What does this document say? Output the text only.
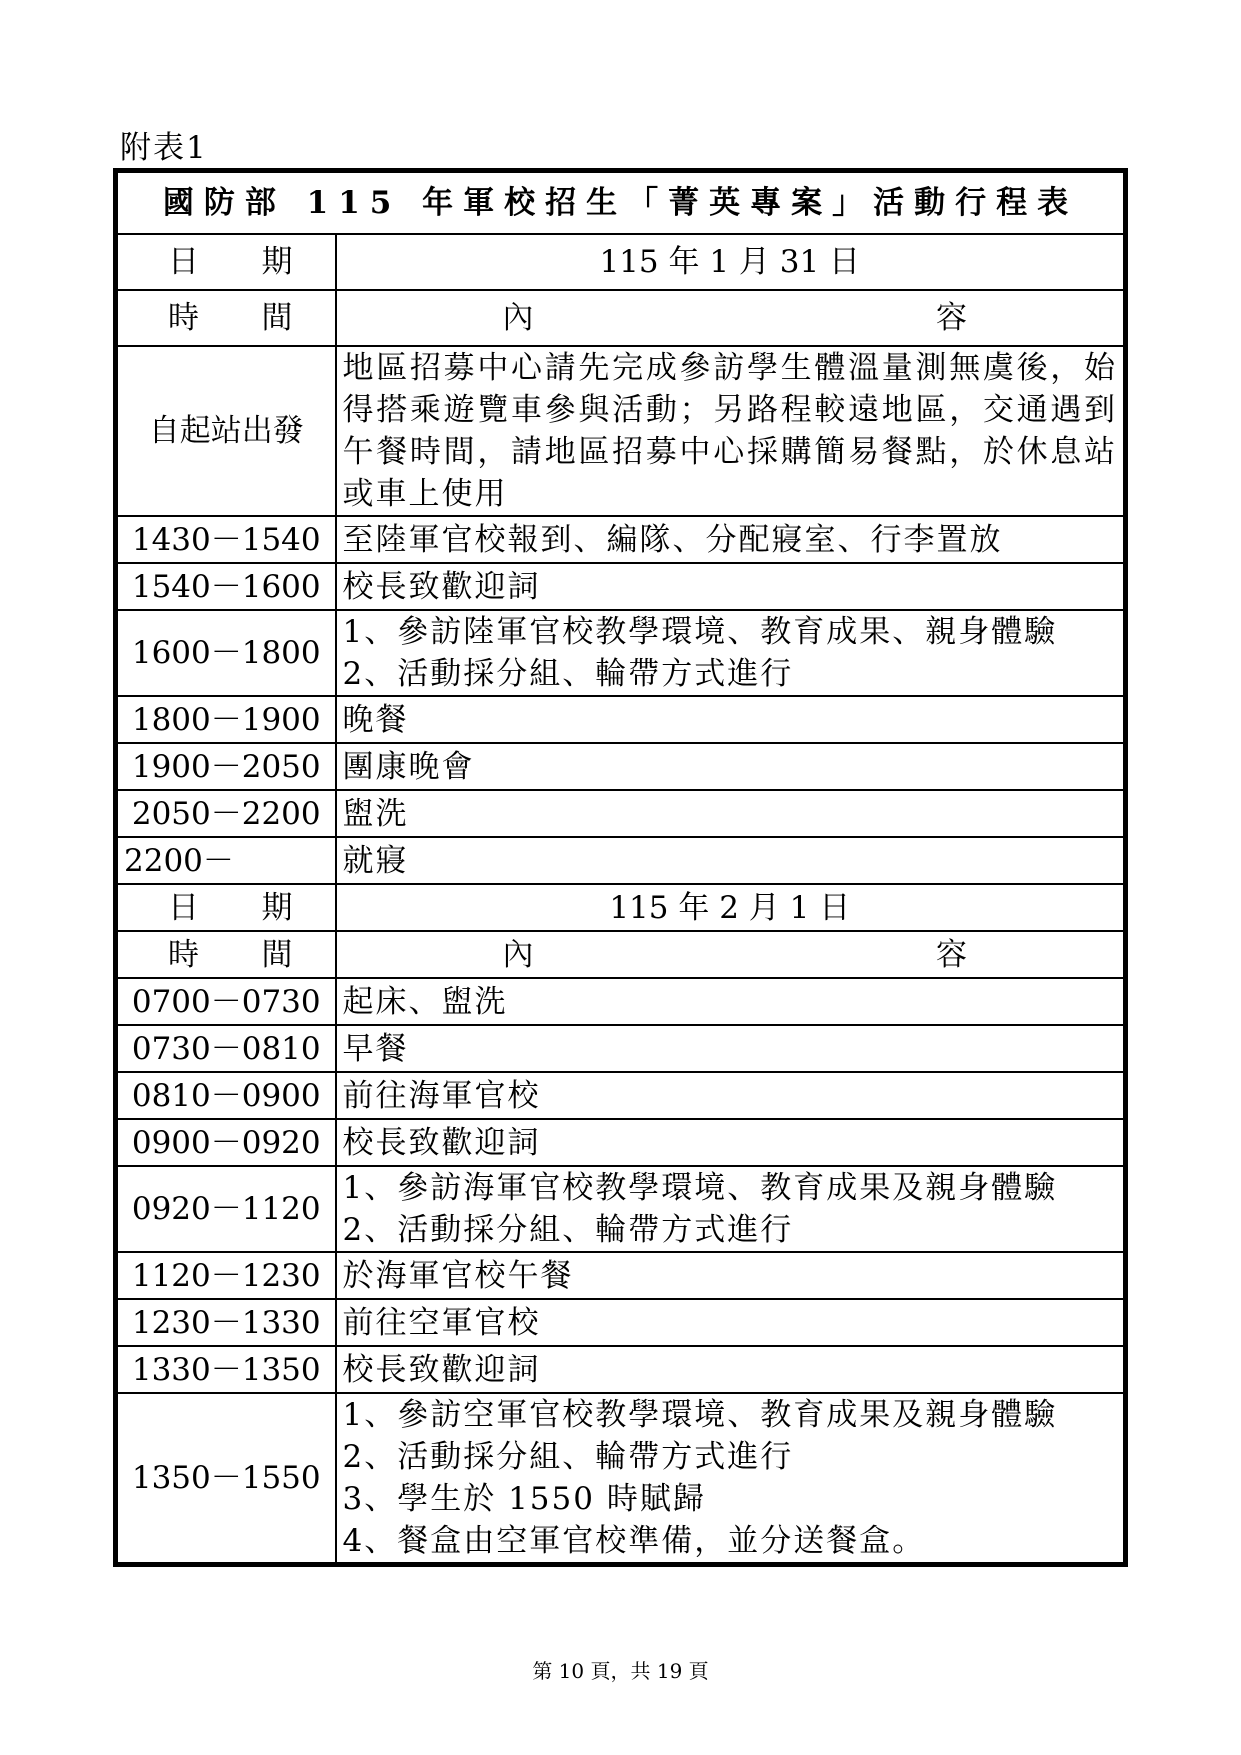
附表1
國防部 115 年軍校招生「菁英專案」活動行程表	

日 期	115 年 1 月 31 日

時 間	內 容

自起站出發	地區招募中心請先完成參訪學生體溫量測無虞後，始得搭乘遊覽車參與活動；另路程較遠地區，交通遇到午餐時間，請地區招募中心採購簡易餐點，於休息站或車上使用
1430－1540	至陸軍官校報到、編隊、分配寢室、行李置放

1540－1600	校長致歡迎詞

1600－1800	1、參訪陸軍官校教學環境、教育成果、親身體驗
2、活動採分組、輪帶方式進行

1800－1900	晚餐

1900－2050	團康晚會

2050－2200	盥洗

2200－	就寢

日 期	115 年 2 月 1 日

時 間	內 容

0700－0730	起床、盥洗

0730－0810	早餐

0810－0900	前往海軍官校

0900－0920	校長致歡迎詞

0920－1120	1、參訪海軍官校教學環境、教育成果及親身體驗
2、活動採分組、輪帶方式進行

1120－1230	於海軍官校午餐

1230－1330	前往空軍官校

1330－1350	校長致歡迎詞

1350－1550	1、參訪空軍官校教學環境、教育成果及親身體驗
2、活動採分組、輪帶方式進行
3、學生於 1550 時賦歸
4、餐盒由空軍官校準備，並分送餐盒。
第 10 頁，共 19 頁
